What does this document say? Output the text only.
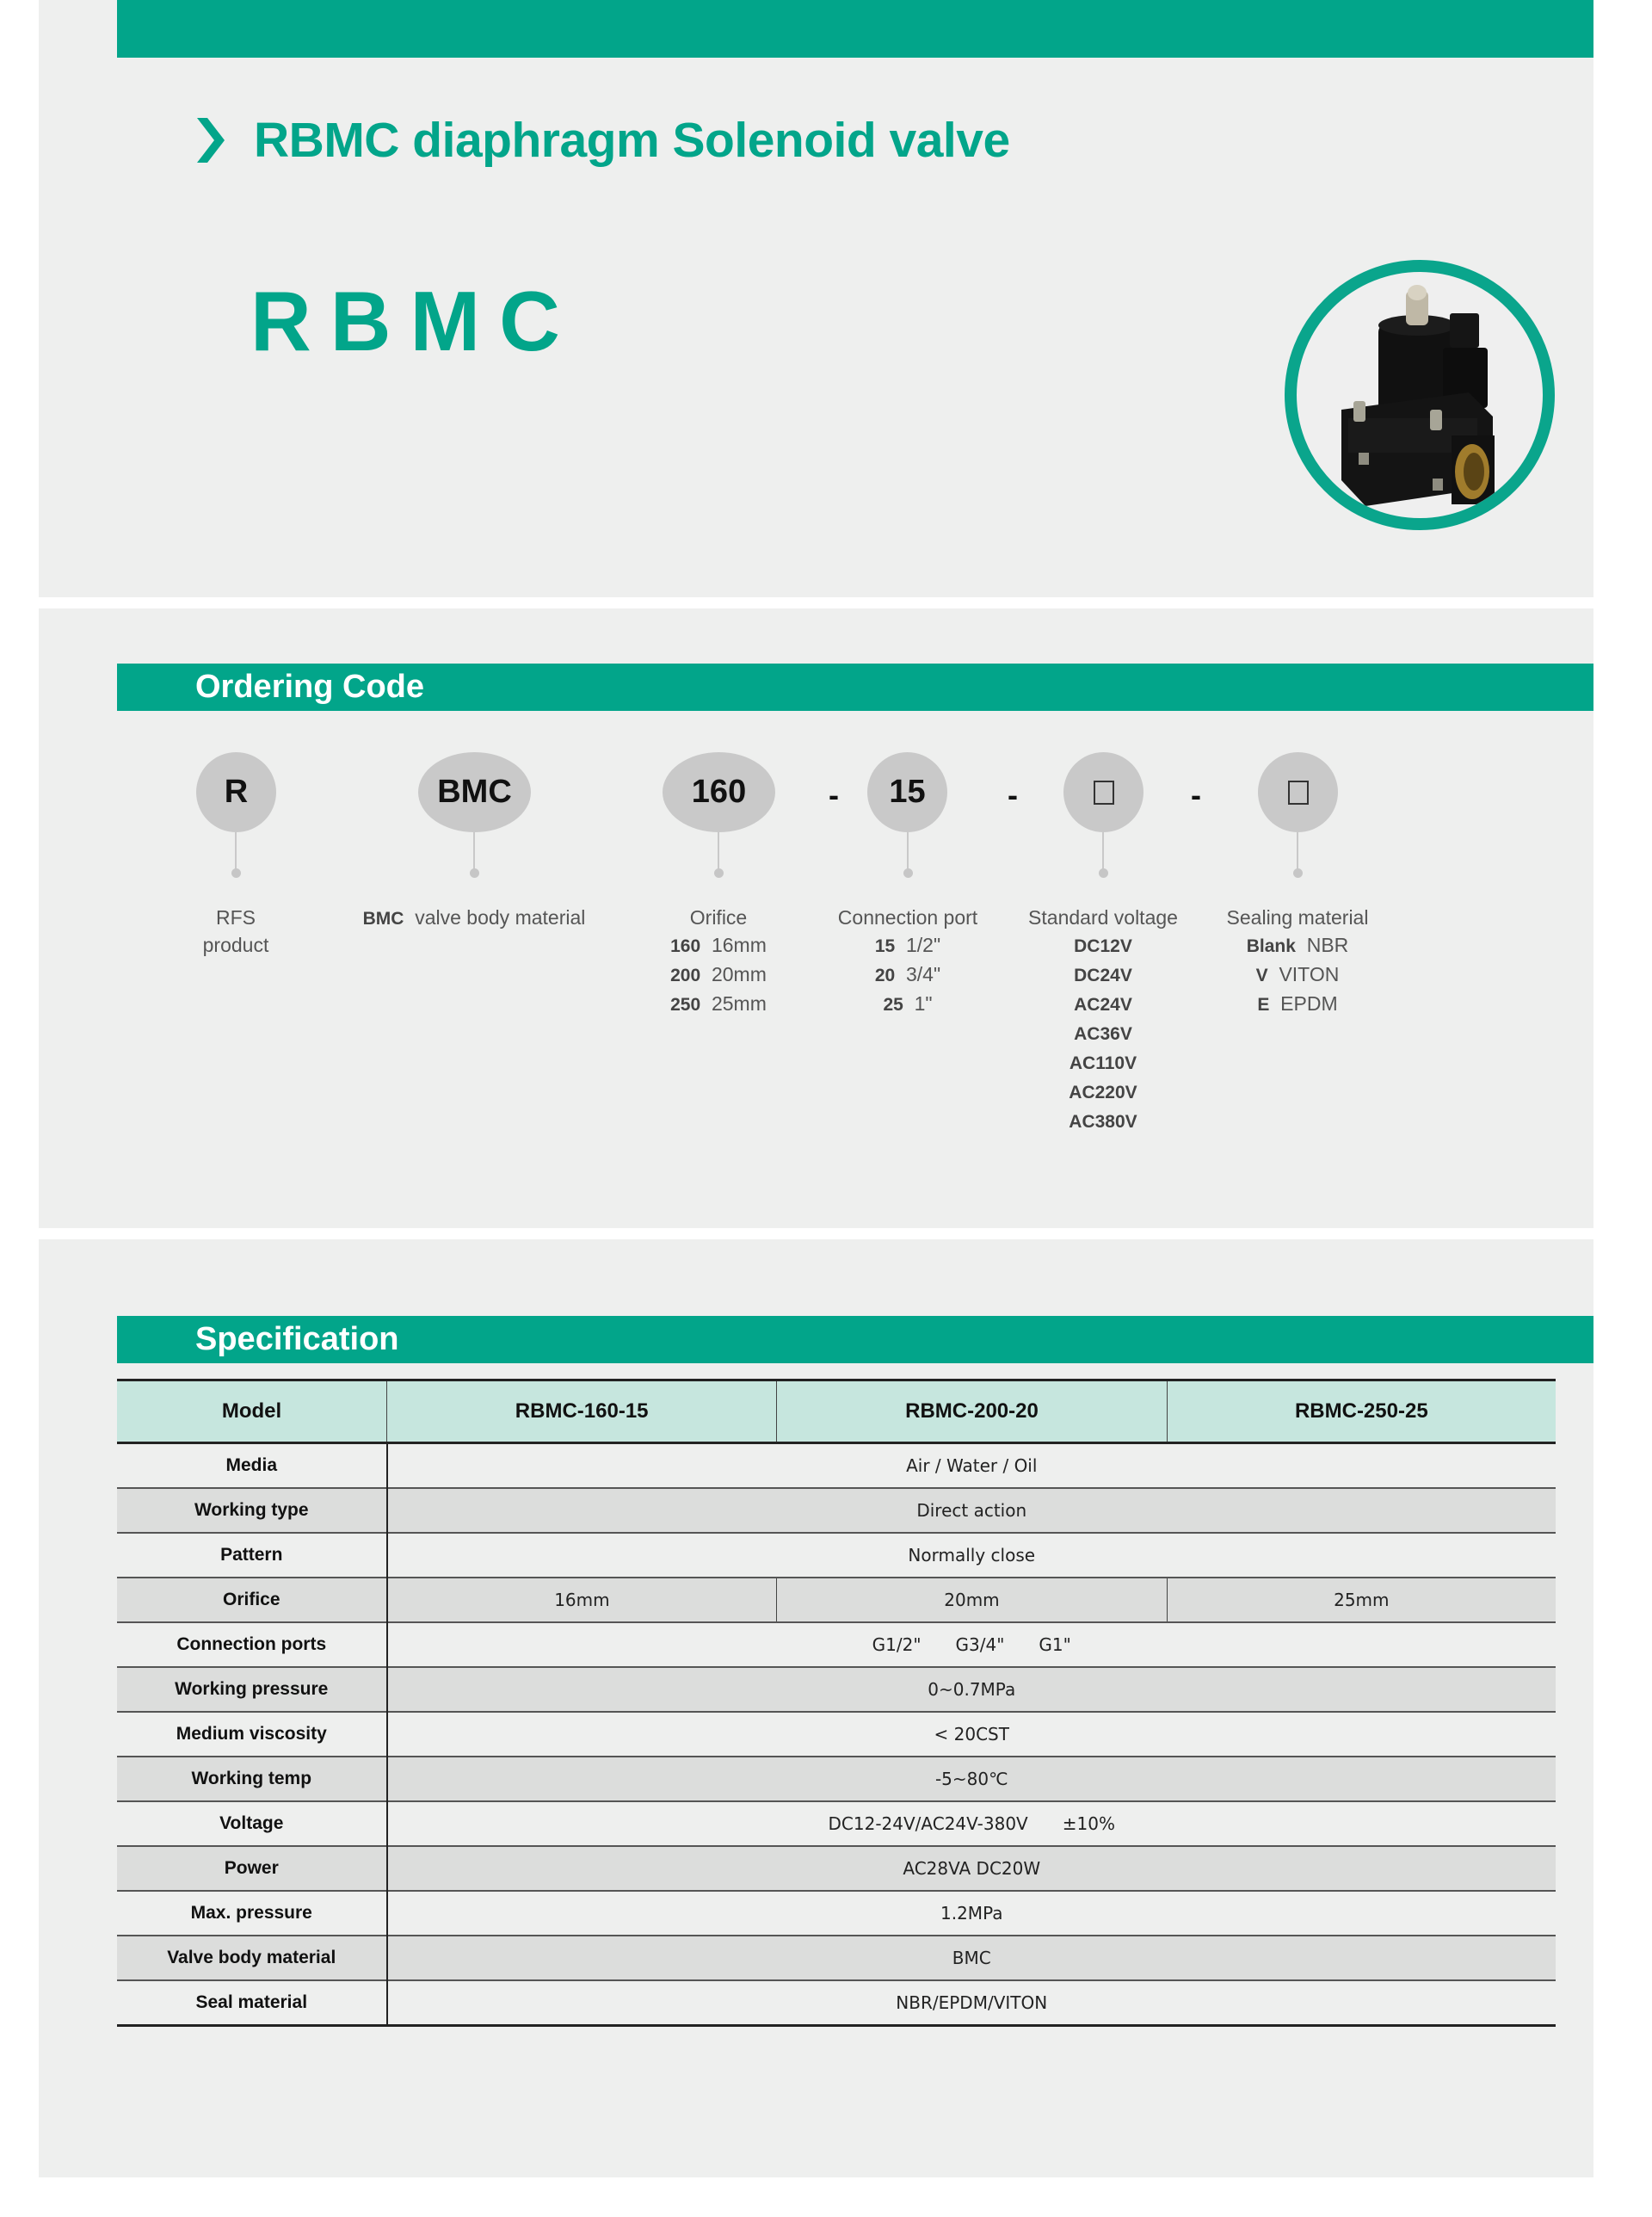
RBMC diaphragm Solenoid valve
RBMC
Ordering Code
R	BMC	160	15
-	-	-
RFS
product
BMC valve body material	Orifice
160 16mm
200 20mm
250 25mm
Connection port
15 1/2"
20 3/4"
25 1"
Standard voltage
DC12V
DC24V
AC24V
AC36V
AC110V
AC220V
AC380V
Sealing material
Blank NBR
V VITON
E EPDM
Specification
Model	RBMC-160-15	RBMC-200-20	RBMC-250-25
Media	Air / Water / Oil		
Working type	Direct action		
Pattern	Normally close		
Orifice	16mm	20mm	25mm
Connection ports	G1/2" G3/4" G1"		
Working pressure	0~0.7MPa		
Medium viscosity	< 20CST		
Working temp	-5~80℃		
Voltage	DC12-24V/AC24V-380V ±10%		
Power	AC28VA DC20W		
Max. pressure	1.2MPa		
Valve body material	BMC		
Seal material	NBR/EPDM/VITON		
